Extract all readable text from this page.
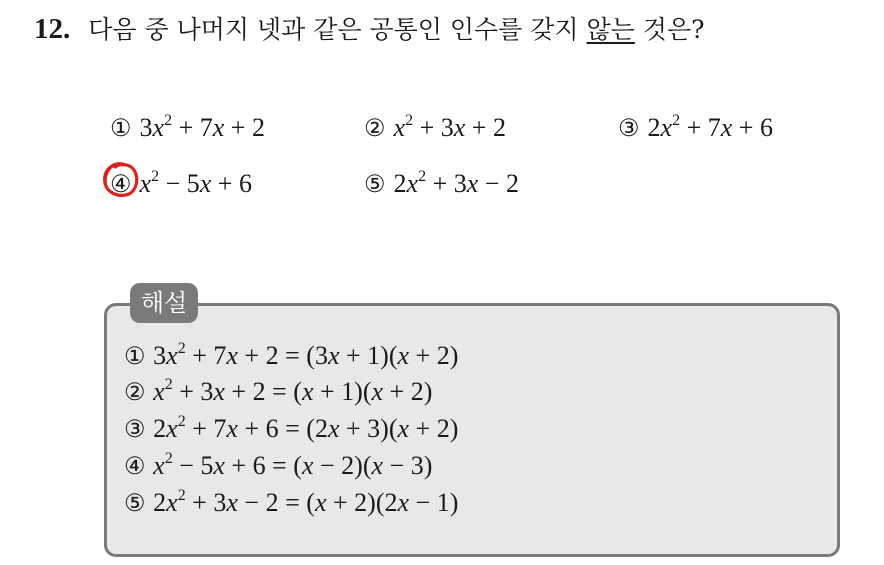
12. 다음 중 나머지 넷과 같은 공통인 인수를 갖지 않는 것은?
① $3x^2 + 7x + 2$	② $x^2 + 3x + 2$	③ $2x^2 + 7x + 6$
④ $x^2 - 5x + 6$	⑤ $2x^2 + 3x - 2$
해설
① $3x^2 + 7x + 2 = (3x + 1)(x + 2)$
② $x^2 + 3x + 2 = (x + 1)(x + 2)$
③ $2x^2 + 7x + 6 = (2x + 3)(x + 2)$
④ $x^2 - 5x + 6 = (x - 2)(x - 3)$
⑤ $2x^2 + 3x - 2 = (x + 2)(2x - 1)$
